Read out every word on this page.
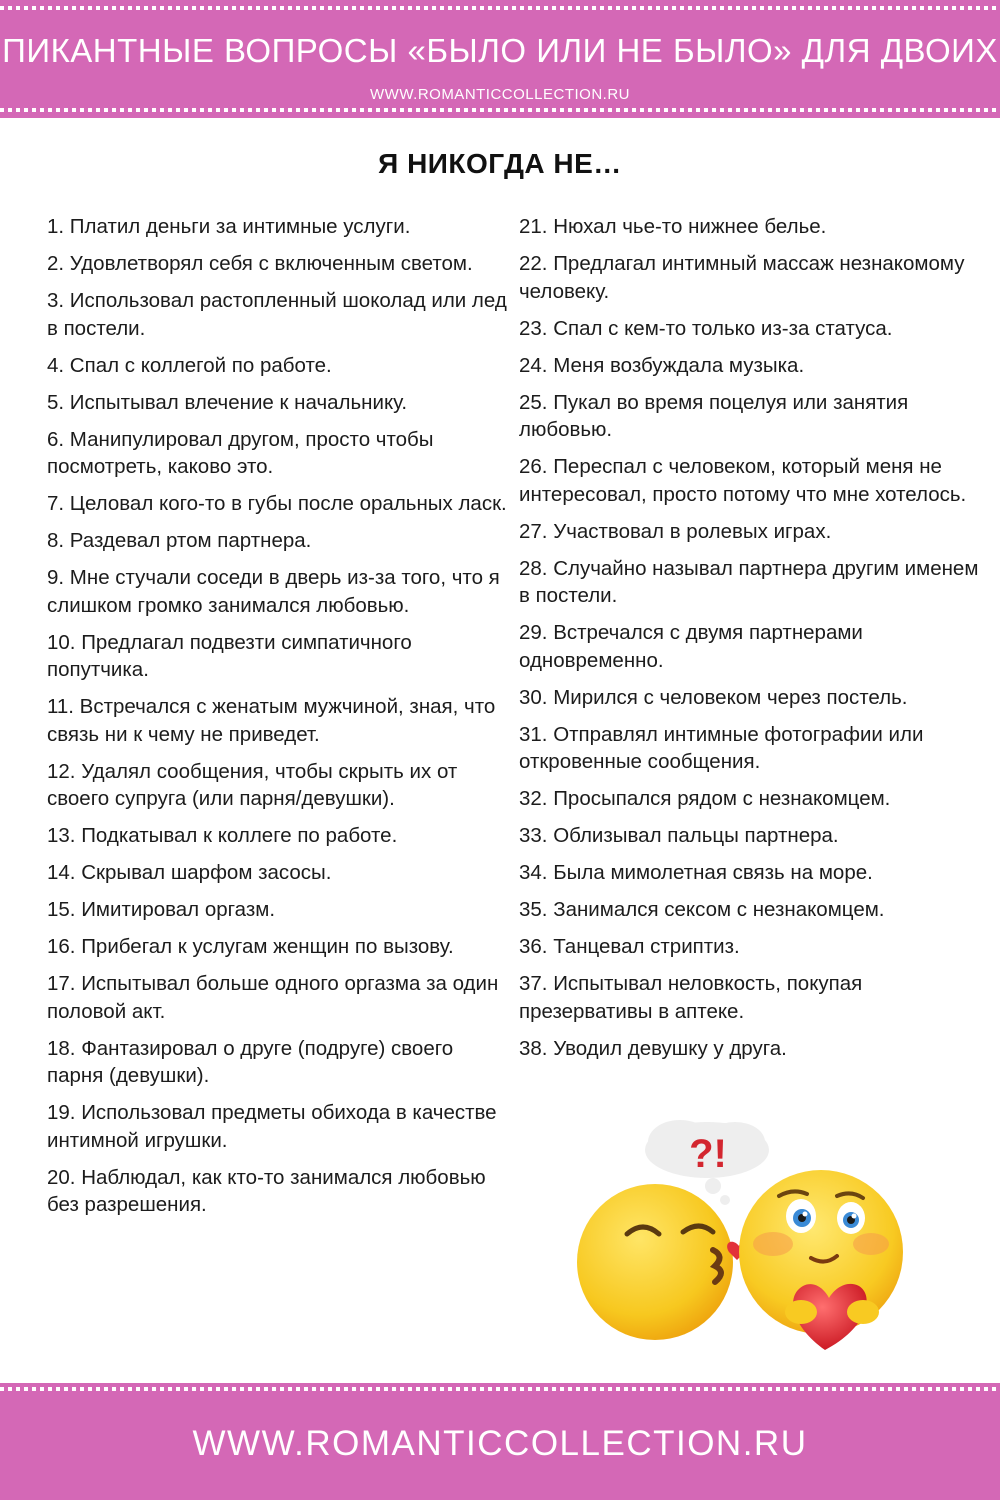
ПИКАНТНЫЕ ВОПРОСЫ «БЫЛО ИЛИ НЕ БЫЛО» ДЛЯ ДВОИХ
WWW.ROMANTICCOLLECTION.RU
Я НИКОГДА НЕ…

1. Платил деньги за интимные услуги.

2. Удовлетворял себя с включенным светом.

3. Использовал растопленный шоколад или лед в постели.

4. Спал с коллегой по работе.

5. Испытывал влечение к начальнику.

6. Манипулировал другом, просто чтобы посмотреть, каково это.

7. Целовал кого-то в губы после оральных ласк.

8. Раздевал ртом партнера.

9. Мне стучали соседи в дверь из-за того, что я слишком громко занимался любовью.

10. Предлагал подвезти симпатичного попутчика.

11. Встречался с женатым мужчиной, зная, что связь ни к чему не приведет.

12. Удалял сообщения, чтобы скрыть их от своего супруга (или парня/девушки).

13. Подкатывал к коллеге по работе.

14. Скрывал шарфом засосы.

15. Имитировал оргазм.

16. Прибегал к услугам женщин по вызову.

17. Испытывал больше одного оргазма за один половой акт.

18. Фантазировал о друге (подруге) своего парня (девушки).

19. Использовал предметы обихода в качестве интимной игрушки.

20. Наблюдал, как кто-то занимался любовью без разрешения.

21. Нюхал чье-то нижнее белье.

22. Предлагал интимный массаж незнакомому человеку.

23. Спал с кем-то только из-за статуса.

24. Меня возбуждала музыка.

25. Пукал во время поцелуя или занятия любовью.

26. Переспал с человеком, который меня не интересовал, просто потому что мне хотелось.

27. Участвовал в ролевых играх.

28. Случайно называл партнера другим именем в постели.

29. Встречался с двумя партнерами одновременно.

30. Мирился с человеком через постель.

31. Отправлял интимные фотографии или откровенные сообщения.

32. Просыпался рядом с незнакомцем.

33. Облизывал пальцы партнера.

34. Была мимолетная связь на море.

35. Занимался сексом с незнакомцем.

36. Танцевал стриптиз.

37. Испытывал неловкость, покупая презервативы в аптеке.

38. Уводил девушку у друга.

?!
WWW.ROMANTICCOLLECTION.RU
